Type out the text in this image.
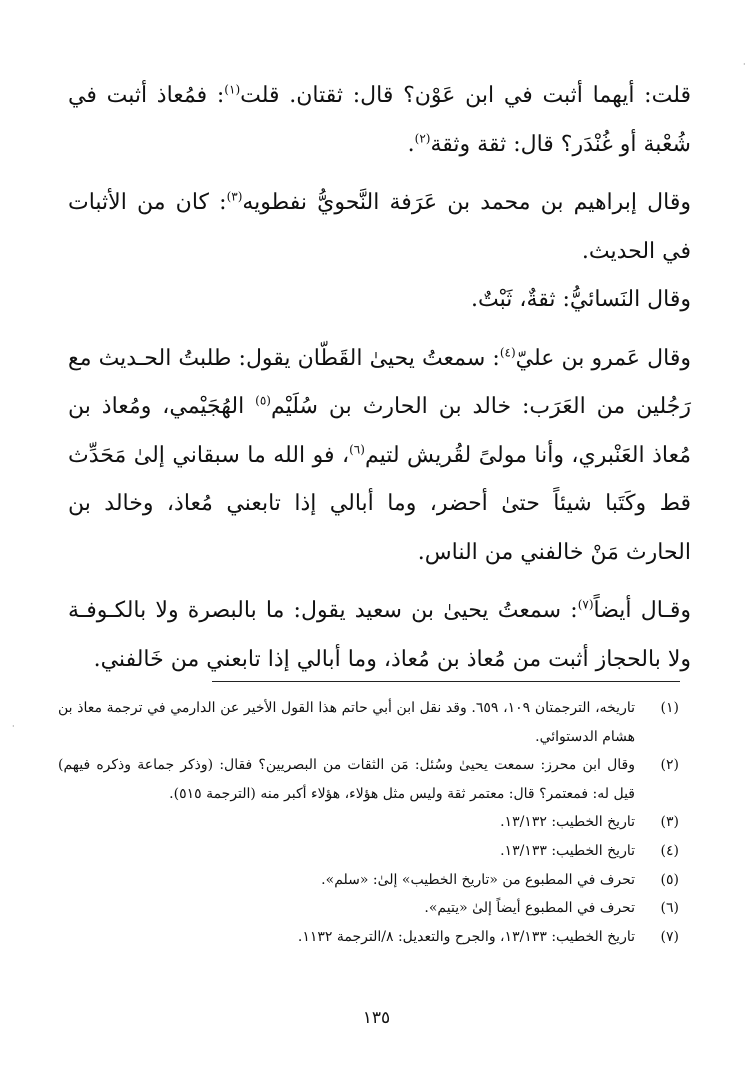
قلت: أيهما أثبت في ابن عَوْن؟ قال: ثقتان. قلت$^{(١)}$: فمُعاذ أثبت في شُعْبة أو غُنْدَر؟ قال: ثقة وثقة$^{(٢)}$.

وقال إبراهيم بن محمد بن عَرَفة النَّحويُّ نفطويه$^{(٣)}$: كان من الأثبات في الحديث.

وقال النَسائيُّ: ثقةٌ، ثَبْتٌ.

وقال عَمرو بن عليّ$^{(٤)}$: سمعتُ يحيىٰ القَطّان يقول: طلبتُ الحـديث مع رَجُلين من العَرَب: خالد بن الحارث بن سُلَيْم$^{(٥)}$ الهُجَيْمي، ومُعاذ بن مُعاذ العَنْبري، وأنا مولىً لقُريش لتيم$^{(٦)}$، فو الله ما سبقاني إلىٰ مَحَدِّث قط وكَتَبا شيئاً حتىٰ أحضر، وما أبالي إذا تابعني مُعاذ، وخالد بن الحارث مَنْ خالفني من الناس.

وقـال أيضاً$^{(٧)}$: سمعتُ يحيىٰ بن سعيد يقول: ما بالبصرة ولا بالكـوفـة ولا بالحجاز أثبت من مُعاذ بن مُعاذ، وما أبالي إذا تابعني من خَالفني.

(١)
تاريخه، الترجمتان ١٠٩، ٦٥٩. وقد نقل ابن أبي حاتم هذا القول الأخير عن الدارمي في ترجمة معاذ بن هشام الدستوائي.
(٢)
وقال ابن محرز: سمعت يحيىٰ وسُئل: مَن الثقات من البصريين؟ فقال: (وذكر جماعة وذكره فيهم) قيل له: فمعتمر؟ قال: معتمر ثقة وليس مثل هؤلاء، هؤلاء أكبر منه (الترجمة ٥١٥).
(٣)
تاريخ الخطيب: ١٣/١٣٢.
(٤)
تاريخ الخطيب: ١٣/١٣٣.
(٥)
تحرف في المطبوع من «تاريخ الخطيب» إلىٰ: «سلم».
(٦)
تحرف في المطبوع أيضاً إلىٰ «يتيم».
(٧)
تاريخ الخطيب: ١٣/١٣٣، والجرح والتعديل: ٨/الترجمة ١١٣٢.
١٣٥
·
·
